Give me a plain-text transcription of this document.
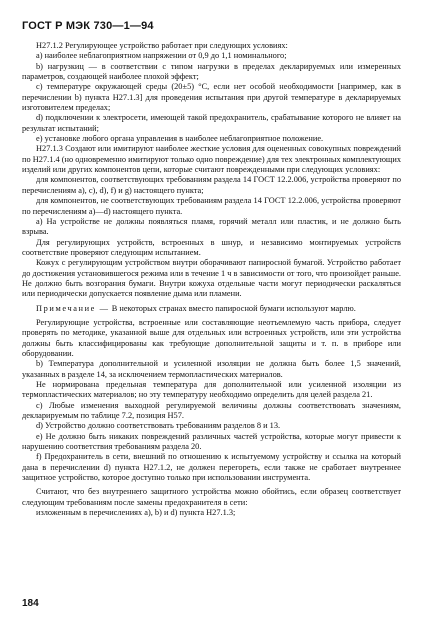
ГОСТ Р МЭК 730—1—94

Н27.1.2 Регулирующее устройство работает при следующих условиях:

а) наиболее неблагоприятном напряжении от 0,9 до 1,1 номинального;

b) нагрузкиц — в соответствии с типом нагрузки в пределах декларируемых или измеренных параметров, создающей наиболее плохой эффект;

с) температуре окружающей среды (20±5) °С, если нет особой необходимости [например, как в перечислении b) пункта Н27.1.3] для проведения испытания при другой температуре в декларируемых изготовителем пределах;

d) подключении к электросети, имеющей такой предохранитель, срабатывание которого не влияет на результат испытаний;

е) установке любого органа управления в наиболее неблагоприятное положение.

Н27.1.3 Создают или имитируют наиболее жесткие условия для оцененных совокупных повреждений по Н27.1.4 (но одновременно имитируют только одно повреждение) для тех электронных комплектующих изделий или других компонентов цепи, которые считают поврежденными при следующих условиях:

для компонентов, соответствующих требованиям раздела 14 ГОСТ 12.2.006, устройства проверяют по перечислениям а), с), d), f) и g) настоящего пункта;

для компонентов, не соответствующих требованиям раздела 14 ГОСТ 12.2.006, устройства проверяют по перечислениям а)—d) настоящего пункта.

а) На устройстве не должны появляться пламя, горячий металл или пластик, и не должно быть взрыва.

Для регулирующих устройств, встроенных в шнур, и независимо монтируемых устройств соответствие проверяют следующим испытанием.

Кожух с регулирующим устройством внутри оборачивают папиросной бумагой. Устройство работает до достижения установившегося режима или в течение 1 ч в зависимости от того, что произойдет раньше. Не должно быть возгорания бумаги. Внутри кожуха отдельные части могут периодически раскаляться или периодически допускается появление дыма или пламени.

Примечание — В некоторых странах вместо папиросной бумаги используют марлю.

Регулирующие устройства, встроенные или составляющие неотъемлемую часть прибора, следует проверять по методике, указанной выше для отдельных или встроенных устройств, или эти устройства должны быть классифицированы как требующие дополнительной защиты и т. п. в приборе или оборудовании.

b) Температура дополнительной и усиленной изоляции не должна быть более 1,5 значений, указанных в разделе 14, за исключением термопластических материалов.

Не нормирована предельная температура для дополнительной или усиленной изоляции из термопластических материалов; но эту температуру необходимо определить для целей раздела 21.

с) Любые изменения выходной регулируемой величины должны соответствовать значениям, декларируемым по таблице 7.2, позиция Н57.

d) Устройство должно соответствовать требованиям разделов 8 и 13.

е) Не должно быть никаких повреждений различных частей устройства, которые могут привести к нарушению соответствия требованиям раздела 20.

f) Предохранитель в сети, внешний по отношению к испытуемому устройству и ссылка на который дана в перечислении d) пункта Н27.1.2, не должен перегореть, если также не сработает внутреннее защитное устройство, которое доступно только при использовании инструмента.

Считают, что без внутреннего защитного устройства можно обойтись, если образец соответствует следующим требованиям после замены предохранителя в сети:

изложенным в перечислениях а), b) и d) пункта Н27.1.3;

184
